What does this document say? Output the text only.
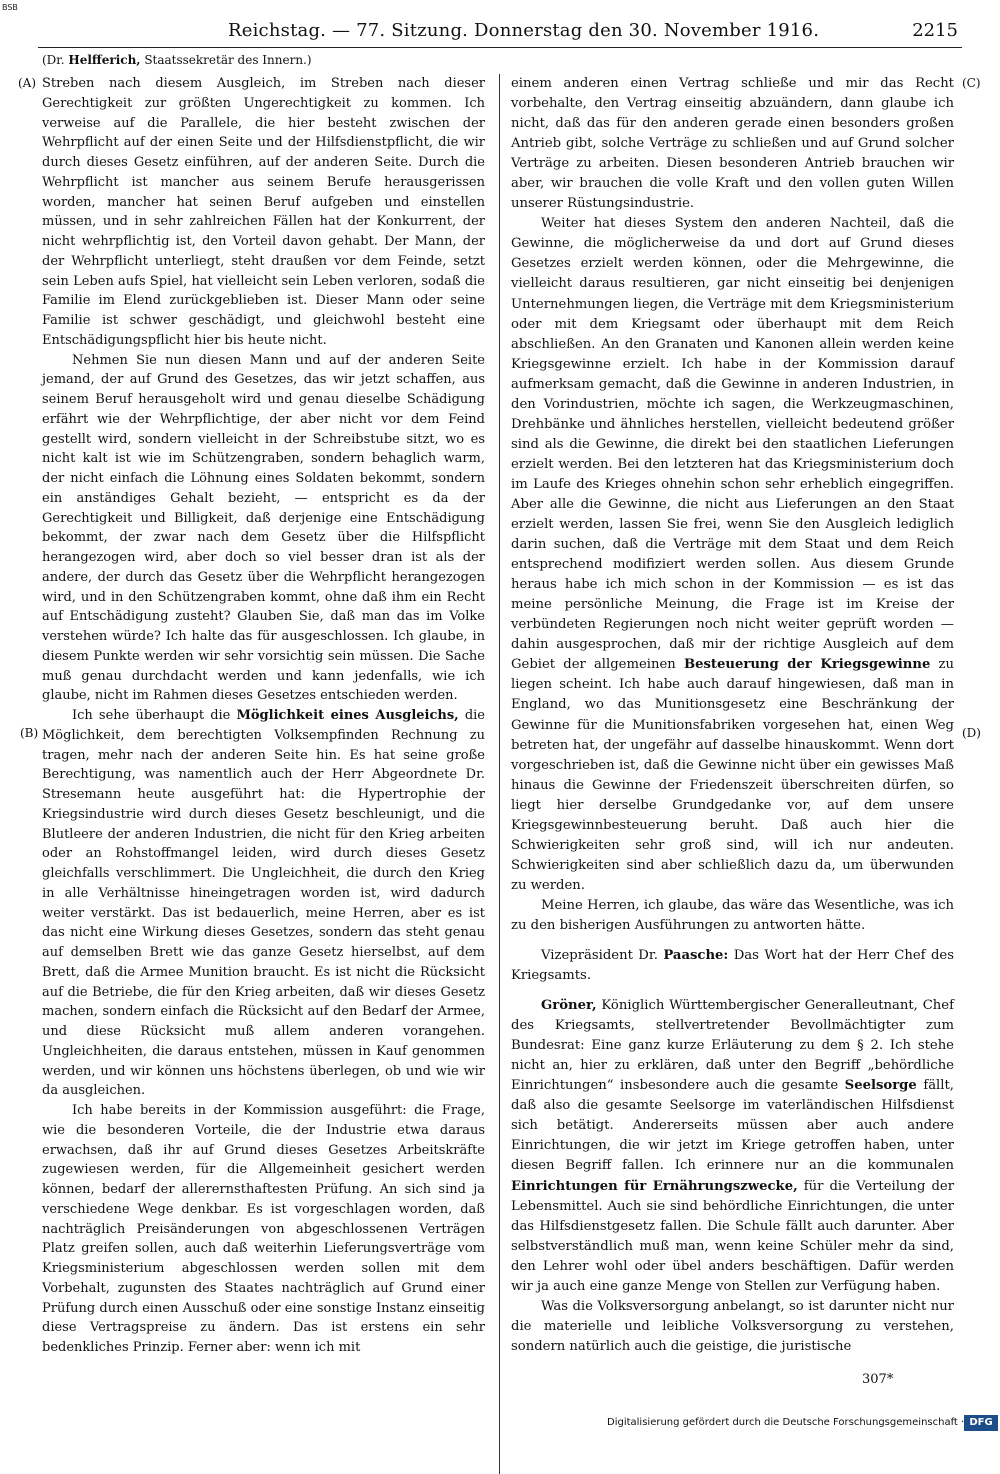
BSB
Reichstag. — 77. Sitzung. Donnerstag den 30. November 1916.	2215
(Dr. Helfferich, Staatssekretär des Innern.)
(A)
(B)
(C)
(D)

Streben nach diesem Ausgleich, im Streben nach dieser Gerechtigkeit zur größten Ungerechtigkeit zu kommen. Ich verweise auf die Parallele, die hier besteht zwischen der Wehrpflicht auf der einen Seite und der Hilfsdienstpflicht, die wir durch dieses Gesetz einführen, auf der anderen Seite. Durch die Wehrpflicht ist mancher aus seinem Berufe herausgerissen worden, mancher hat seinen Beruf aufgeben und einstellen müssen, und in sehr zahlreichen Fällen hat der Konkurrent, der nicht wehrpflichtig ist, den Vorteil davon gehabt. Der Mann, der der Wehrpflicht unterliegt, steht draußen vor dem Feinde, setzt sein Leben aufs Spiel, hat vielleicht sein Leben verloren, sodaß die Familie im Elend zurückgeblieben ist. Dieser Mann oder seine Familie ist schwer geschädigt, und gleichwohl besteht eine Entschädigungspflicht hier bis heute nicht.

Nehmen Sie nun diesen Mann und auf der anderen Seite jemand, der auf Grund des Gesetzes, das wir jetzt schaffen, aus seinem Beruf herausgeholt wird und genau dieselbe Schädigung erfährt wie der Wehrpflichtige, der aber nicht vor dem Feind gestellt wird, sondern vielleicht in der Schreibstube sitzt, wo es nicht kalt ist wie im Schützengraben, sondern behaglich warm, der nicht einfach die Löhnung eines Soldaten bekommt, sondern ein anständiges Gehalt bezieht, — entspricht es da der Gerechtigkeit und Billigkeit, daß derjenige eine Entschädigung bekommt, der zwar nach dem Gesetz über die Hilfspflicht herangezogen wird, aber doch so viel besser dran ist als der andere, der durch das Gesetz über die Wehrpflicht herangezogen wird, und in den Schützengraben kommt, ohne daß ihm ein Recht auf Entschädigung zusteht? Glauben Sie, daß man das im Volke verstehen würde? Ich halte das für ausgeschlossen. Ich glaube, in diesem Punkte werden wir sehr vorsichtig sein müssen. Die Sache muß genau durchdacht werden und kann jedenfalls, wie ich glaube, nicht im Rahmen dieses Gesetzes entschieden werden.

Ich sehe überhaupt die Möglichkeit eines Ausgleichs, die Möglichkeit, dem berechtigten Volksempfinden Rechnung zu tragen, mehr nach der anderen Seite hin. Es hat seine große Berechtigung, was namentlich auch der Herr Abgeordnete Dr. Stresemann heute ausgeführt hat: die Hypertrophie der Kriegsindustrie wird durch dieses Gesetz beschleunigt, und die Blutleere der anderen Industrien, die nicht für den Krieg arbeiten oder an Rohstoffmangel leiden, wird durch dieses Gesetz gleichfalls verschlimmert. Die Ungleichheit, die durch den Krieg in alle Verhältnisse hineingetragen worden ist, wird dadurch weiter verstärkt. Das ist bedauerlich, meine Herren, aber es ist das nicht eine Wirkung dieses Gesetzes, sondern das steht genau auf demselben Brett wie das ganze Gesetz hierselbst, auf dem Brett, daß die Armee Munition braucht. Es ist nicht die Rücksicht auf die Betriebe, die für den Krieg arbeiten, daß wir dieses Gesetz machen, sondern einfach die Rücksicht auf den Bedarf der Armee, und diese Rücksicht muß allem anderen vorangehen. Ungleichheiten, die daraus entstehen, müssen in Kauf genommen werden, und wir können uns höchstens überlegen, ob und wie wir da ausgleichen.

Ich habe bereits in der Kommission ausgeführt: die Frage, wie die besonderen Vorteile, die der Industrie etwa daraus erwachsen, daß ihr auf Grund dieses Gesetzes Arbeitskräfte zugewiesen werden, für die Allgemeinheit gesichert werden können, bedarf der allerernsthaftesten Prüfung. An sich sind ja verschiedene Wege denkbar. Es ist vorgeschlagen worden, daß nachträglich Preisänderungen von abgeschlossenen Verträgen Platz greifen sollen, auch daß weiterhin Lieferungsverträge vom Kriegsministerium abgeschlossen werden sollen mit dem Vorbehalt, zugunsten des Staates nachträglich auf Grund einer Prüfung durch einen Ausschuß oder eine sonstige Instanz einseitig diese Vertragspreise zu ändern. Das ist erstens ein sehr bedenkliches Prinzip. Ferner aber: wenn ich mit

einem anderen einen Vertrag schließe und mir das Recht vorbehalte, den Vertrag einseitig abzuändern, dann glaube ich nicht, daß das für den anderen gerade einen besonders großen Antrieb gibt, solche Verträge zu schließen und auf Grund solcher Verträge zu arbeiten. Diesen besonderen Antrieb brauchen wir aber, wir brauchen die volle Kraft und den vollen guten Willen unserer Rüstungsindustrie.

Weiter hat dieses System den anderen Nachteil, daß die Gewinne, die möglicherweise da und dort auf Grund dieses Gesetzes erzielt werden können, oder die Mehrgewinne, die vielleicht daraus resultieren, gar nicht einseitig bei denjenigen Unternehmungen liegen, die Verträge mit dem Kriegsministerium oder mit dem Kriegsamt oder überhaupt mit dem Reich abschließen. An den Granaten und Kanonen allein werden keine Kriegsgewinne erzielt. Ich habe in der Kommission darauf aufmerksam gemacht, daß die Gewinne in anderen Industrien, in den Vorindustrien, möchte ich sagen, die Werkzeugmaschinen, Drehbänke und ähnliches herstellen, vielleicht bedeutend größer sind als die Gewinne, die direkt bei den staatlichen Lieferungen erzielt werden. Bei den letzteren hat das Kriegsministerium doch im Laufe des Krieges ohnehin schon sehr erheblich eingegriffen. Aber alle die Gewinne, die nicht aus Lieferungen an den Staat erzielt werden, lassen Sie frei, wenn Sie den Ausgleich lediglich darin suchen, daß die Verträge mit dem Staat und dem Reich entsprechend modifiziert werden sollen. Aus diesem Grunde heraus habe ich mich schon in der Kommission — es ist das meine persönliche Meinung, die Frage ist im Kreise der verbündeten Regierungen noch nicht weiter geprüft worden — dahin ausgesprochen, daß mir der richtige Ausgleich auf dem Gebiet der allgemeinen Besteuerung der Kriegsgewinne zu liegen scheint. Ich habe auch darauf hingewiesen, daß man in England, wo das Munitionsgesetz eine Beschränkung der Gewinne für die Munitionsfabriken vorgesehen hat, einen Weg betreten hat, der ungefähr auf dasselbe hinauskommt. Wenn dort vorgeschrieben ist, daß die Gewinne nicht über ein gewisses Maß hinaus die Gewinne der Friedenszeit überschreiten dürfen, so liegt hier derselbe Grundgedanke vor, auf dem unsere Kriegsgewinnbesteuerung beruht. Daß auch hier die Schwierigkeiten sehr groß sind, will ich nur andeuten. Schwierigkeiten sind aber schließlich dazu da, um überwunden zu werden.

Meine Herren, ich glaube, das wäre das Wesentliche, was ich zu den bisherigen Ausführungen zu antworten hätte.

Vizepräsident Dr. Paasche: Das Wort hat der Herr Chef des Kriegsamts.

Gröner, Königlich Württembergischer Generalleutnant, Chef des Kriegsamts, stellvertretender Bevollmächtigter zum Bundesrat: Eine ganz kurze Erläuterung zu dem § 2. Ich stehe nicht an, hier zu erklären, daß unter den Begriff „behördliche Einrichtungen“ insbesondere auch die gesamte Seelsorge fällt, daß also die gesamte Seelsorge im vaterländischen Hilfsdienst sich betätigt. Andererseits müssen aber auch andere Einrichtungen, die wir jetzt im Kriege getroffen haben, unter diesen Begriff fallen. Ich erinnere nur an die kommunalen Einrichtungen für Ernährungszwecke, für die Verteilung der Lebensmittel. Auch sie sind behördliche Einrichtungen, die unter das Hilfsdienstgesetz fallen. Die Schule fällt auch darunter. Aber selbstverständlich muß man, wenn keine Schüler mehr da sind, den Lehrer wohl oder übel anders beschäftigen. Dafür werden wir ja auch eine ganze Menge von Stellen zur Verfügung haben.

Was die Volksversorgung anbelangt, so ist darunter nicht nur die materielle und leibliche Volksversorgung zu verstehen, sondern natürlich auch die geistige, die juristische

307*
Digitalisierung gefördert durch die Deutsche Forschungsgemeinschaft · DFG
